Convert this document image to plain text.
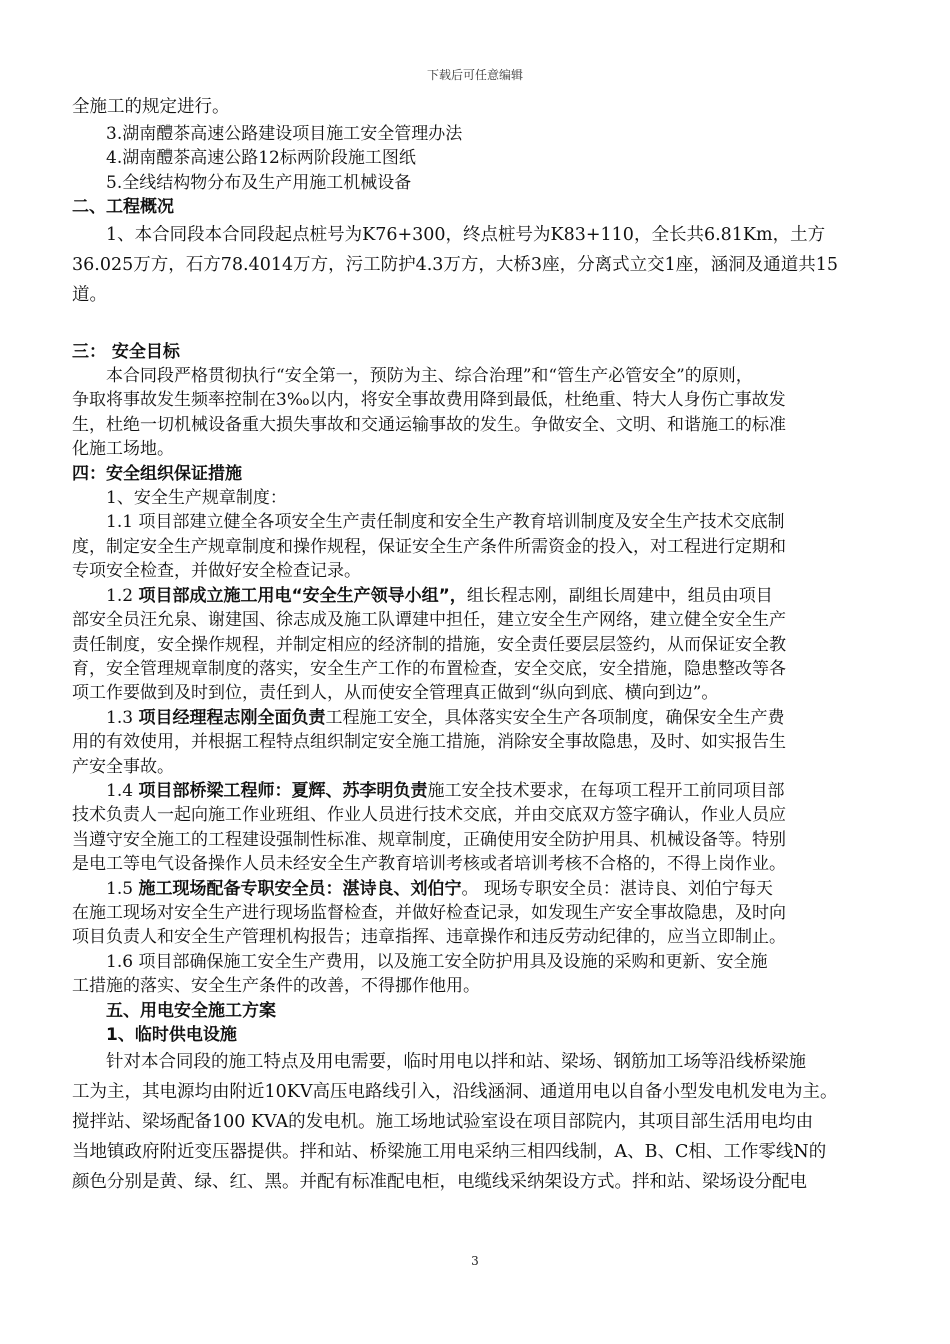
下载后可任意编辑
全施工的规定进行。
3.湖南醴茶高速公路建设项目施工安全管理办法
4.湖南醴茶高速公路12标两阶段施工图纸
5.全线结构物分布及生产用施工机械设备
二、工程概况
1、本合同段本合同段起点桩号为K76+300，终点桩号为K83+110，全长共6.81Km，土方
36.025万方，石方78.4014万方，污工防护4.3万方，大桥3座，分离式立交1座，涵洞及通道共15
道。
三： 安全目标
本合同段严格贯彻执行“安全第一，预防为主、综合治理”和“管生产必管安全”的原则，
争取将事故发生频率控制在3‰以内，将安全事故费用降到最低，杜绝重、特大人身伤亡事故发
生，杜绝一切机械设备重大损失事故和交通运输事故的发生。争做安全、文明、和谐施工的标准
化施工场地。
四：安全组织保证措施
1、安全生产规章制度：
1.1 项目部建立健全各项安全生产责任制度和安全生产教育培训制度及安全生产技术交底制
度，制定安全生产规章制度和操作规程，保证安全生产条件所需资金的投入，对工程进行定期和
专项安全检查，并做好安全检查记录。
1.2 项目部成立施工用电“安全生产领导小组”，组长程志刚，副组长周建中，组员由项目
部安全员汪允泉、谢建国、徐志成及施工队谭建中担任，建立安全生产网络，建立健全安全生产
责任制度，安全操作规程，并制定相应的经济制的措施，安全责任要层层签约，从而保证安全教
育，安全管理规章制度的落实，安全生产工作的布置检查，安全交底，安全措施，隐患整改等各
项工作要做到及时到位，责任到人，从而使安全管理真正做到“纵向到底、横向到边”。
1.3 项目经理程志刚全面负责工程施工安全，具体落实安全生产各项制度，确保安全生产费
用的有效使用，并根据工程特点组织制定安全施工措施，消除安全事故隐患，及时、如实报告生
产安全事故。
1.4 项目部桥梁工程师：夏辉、苏李明负责施工安全技术要求，在每项工程开工前同项目部
技术负责人一起向施工作业班组、作业人员进行技术交底，并由交底双方签字确认，作业人员应
当遵守安全施工的工程建设强制性标准、规章制度，正确使用安全防护用具、机械设备等。特别
是电工等电气设备操作人员未经安全生产教育培训考核或者培训考核不合格的，不得上岗作业。
1.5 施工现场配备专职安全员：湛诗良、刘伯宁。 现场专职安全员：湛诗良、刘伯宁每天
在施工现场对安全生产进行现场监督检查，并做好检查记录，如发现生产安全事故隐患，及时向
项目负责人和安全生产管理机构报告；违章指挥、违章操作和违反劳动纪律的，应当立即制止。
1.6 项目部确保施工安全生产费用，以及施工安全防护用具及设施的采购和更新、安全施
工措施的落实、安全生产条件的改善，不得挪作他用。
五、用电安全施工方案
1、临时供电设施
针对本合同段的施工特点及用电需要，临时用电以拌和站、梁场、钢筋加工场等沿线桥梁施
工为主，其电源均由附近10KV高压电路线引入，沿线涵洞、通道用电以自备小型发电机发电为主。
搅拌站、梁场配备100 KVA的发电机。施工场地试验室设在项目部院内，其项目部生活用电均由
当地镇政府附近变压器提供。拌和站、桥梁施工用电采纳三相四线制，A、B、C相、工作零线N的
颜色分别是黄、绿、红、黑。并配有标准配电柜，电缆线采纳架设方式。拌和站、梁场设分配电
3
